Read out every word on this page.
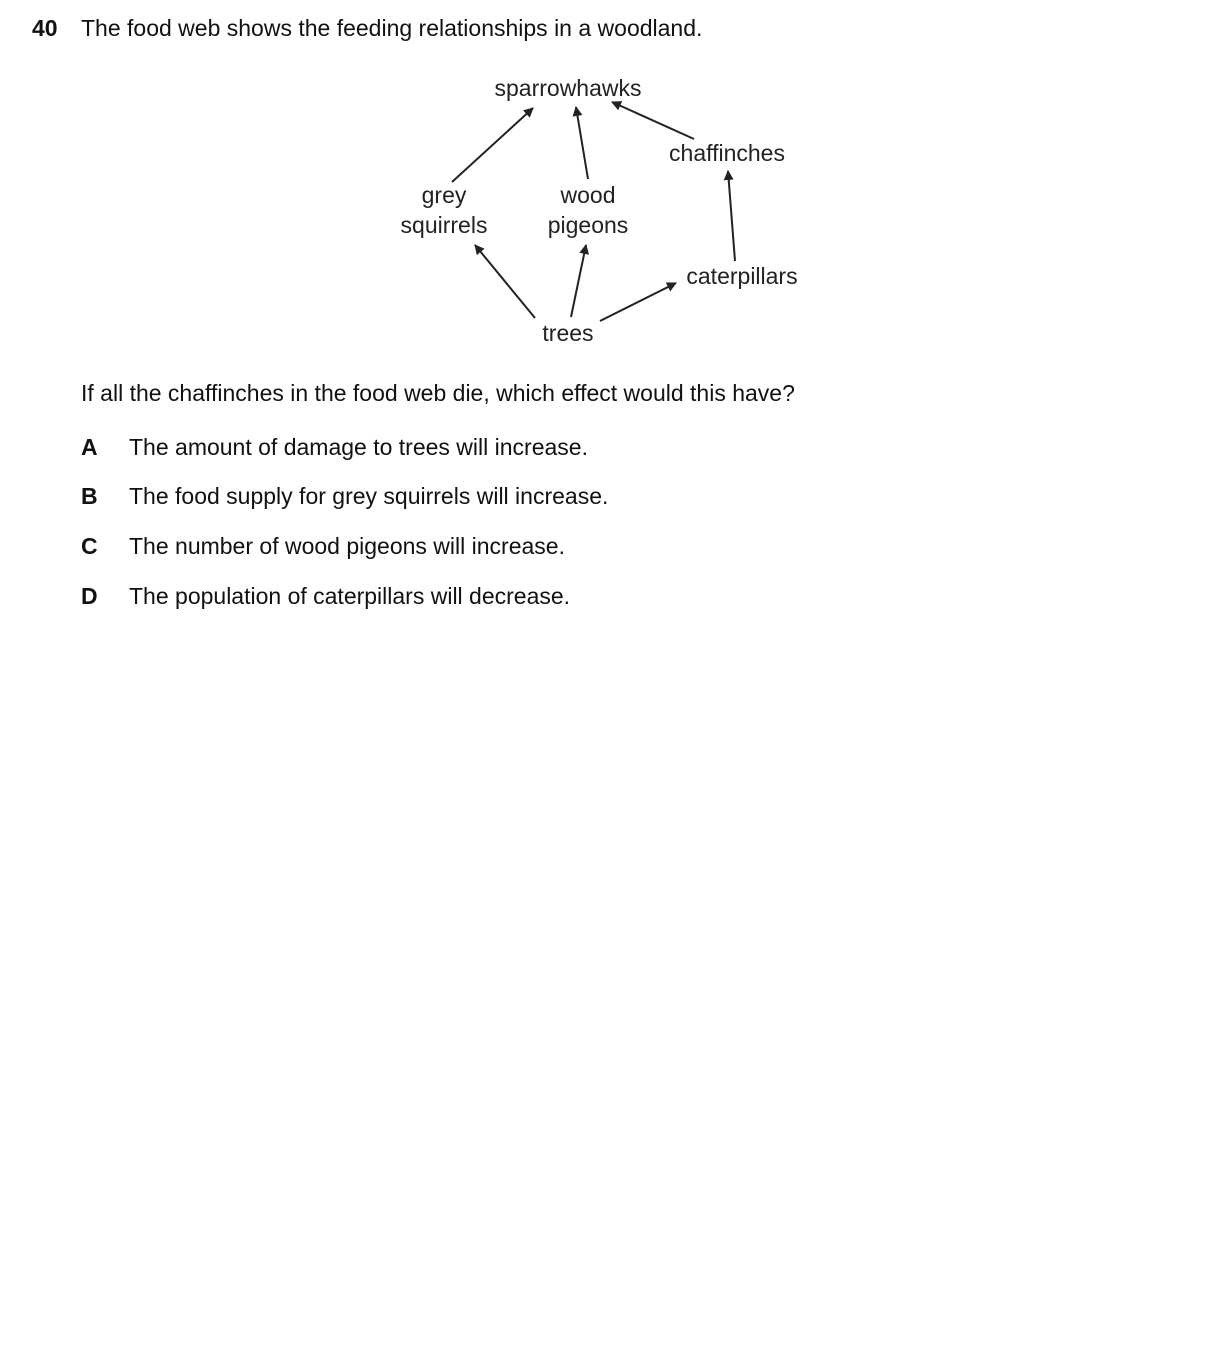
40 The food web shows the feeding relationships in a woodland.
sparrowhawks
chaffinches
grey
squirrels
wood
pigeons
caterpillars
trees
If all the chaffinches in the food web die, which effect would this have?
A The amount of damage to trees will increase.
B The food supply for grey squirrels will increase.
C The number of wood pigeons will increase.
D The population of caterpillars will decrease.
